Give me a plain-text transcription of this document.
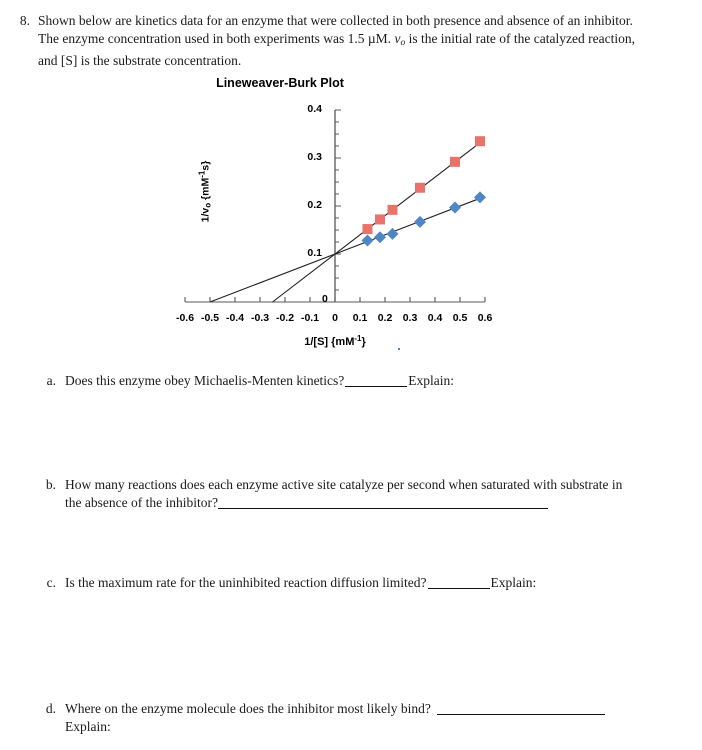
8. Shown below are kinetics data for an enzyme that were collected in both presence and absence of an inhibitor. The enzyme concentration used in both experiments was 1.5 µM. $v_o$ is the initial rate of the catalyzed reaction, and [S] is the substrate concentration.
Lineweaver-Burk Plot
1/vo $\{mM^{-1}s\}$
1/[S] $\{mM^{-1}\}$
-0.6 -0.5 -0.4 -0.3 -0.2 -0.1	0	0.1 0.2 0.3 0.4 0.5 0.6
0.1
0.2
0.3
0.4
0
a. Does this enzyme obey Michaelis-Menten kinetics?	Explain:
b. How many reactions does each enzyme active site catalyze per second when saturated with substrate in the absence of the inhibitor?
c. Is the maximum rate for the uninhibited reaction diffusion limited?	Explain:
d. Where on the enzyme molecule does the inhibitor most likely bind?
Explain:
